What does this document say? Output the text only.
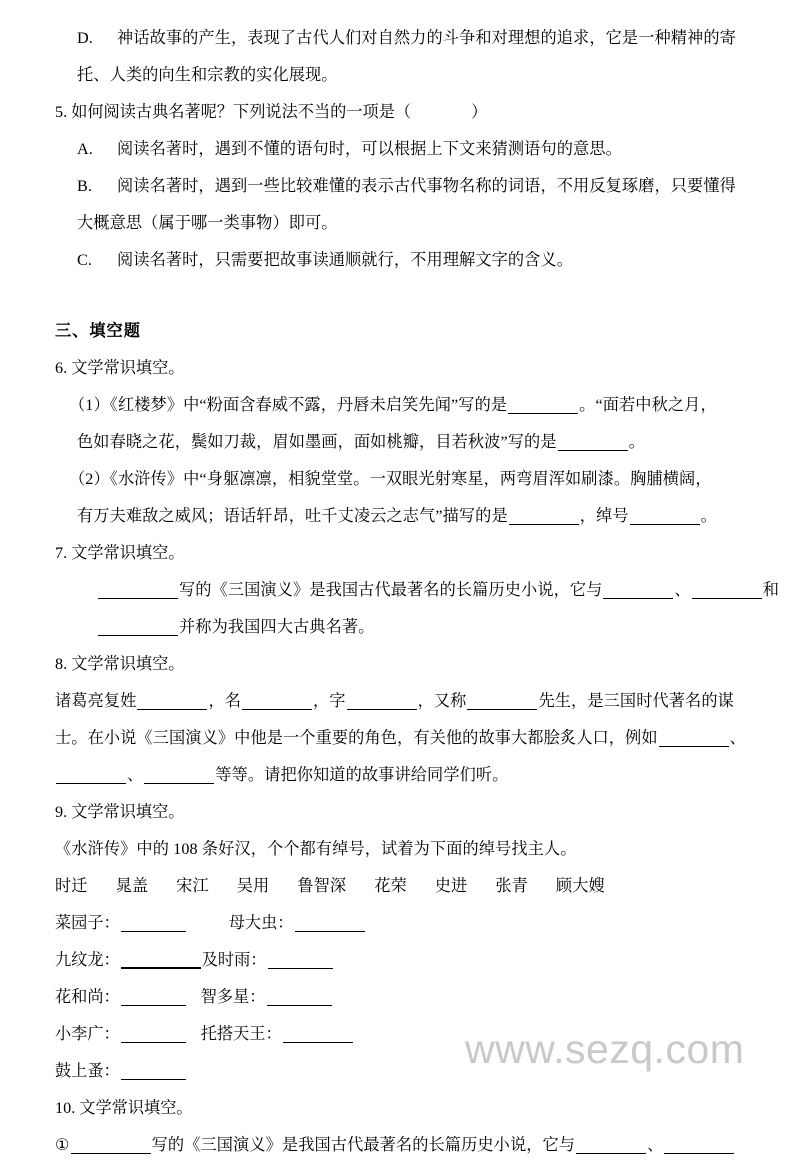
www.sezq.com
D. 神话故事的产生，表现了古代人们对自然力的斗争和对理想的追求，它是一种精神的寄
托、人类的向生和宗教的实化展现。
5. 如何阅读古典名著呢？下列说法不当的一项是（	）
A. 阅读名著时，遇到不懂的语句时，可以根据上下文来猜测语句的意思。
B. 阅读名著时，遇到一些比较难懂的表示古代事物名称的词语，不用反复琢磨，只要懂得
大概意思（属于哪一类事物）即可。
C. 阅读名著时，只需要把故事读通顺就行，不用理解文字的含义。
三、填空题
6. 文学常识填空。
（1）《红楼梦》中“粉面含春威不露，丹唇未启笑先闻”写的是	。“面若中秋之月，
色如春晓之花，鬓如刀裁，眉如墨画，面如桃瓣，目若秋波”写的是	。
（2）《水浒传》中“身躯凛凛，相貌堂堂。一双眼光射寒星，两弯眉浑如刷漆。胸脯横阔，
有万夫难敌之威风；语话轩昂，吐千丈凌云之志气”描写的是	，绰号	。
7. 文学常识填空。
写的《三国演义》是我国古代最著名的长篇历史小说，它与	、	和
并称为我国四大古典名著。
8. 文学常识填空。
诸葛亮复姓	，名	，字	，又称	先生，是三国时代著名的谋
士。在小说《三国演义》中他是一个重要的角色，有关他的故事大都脍炙人口，例如	、
、	等等。请把你知道的故事讲给同学们听。
9. 文学常识填空。
《水浒传》中的 108 条好汉，个个都有绰号，试着为下面的绰号找主人。
时迁 晁盖 宋江 吴用 鲁智深 花荣 史进 张青 顾大嫂
菜园子：	母大虫：
九纹龙：	及时雨：
花和尚：	智多星：
小李广：	托搭天王：
鼓上蚤：
10. 文学常识填空。
①	写的《三国演义》是我国古代最著名的长篇历史小说，它与	、
